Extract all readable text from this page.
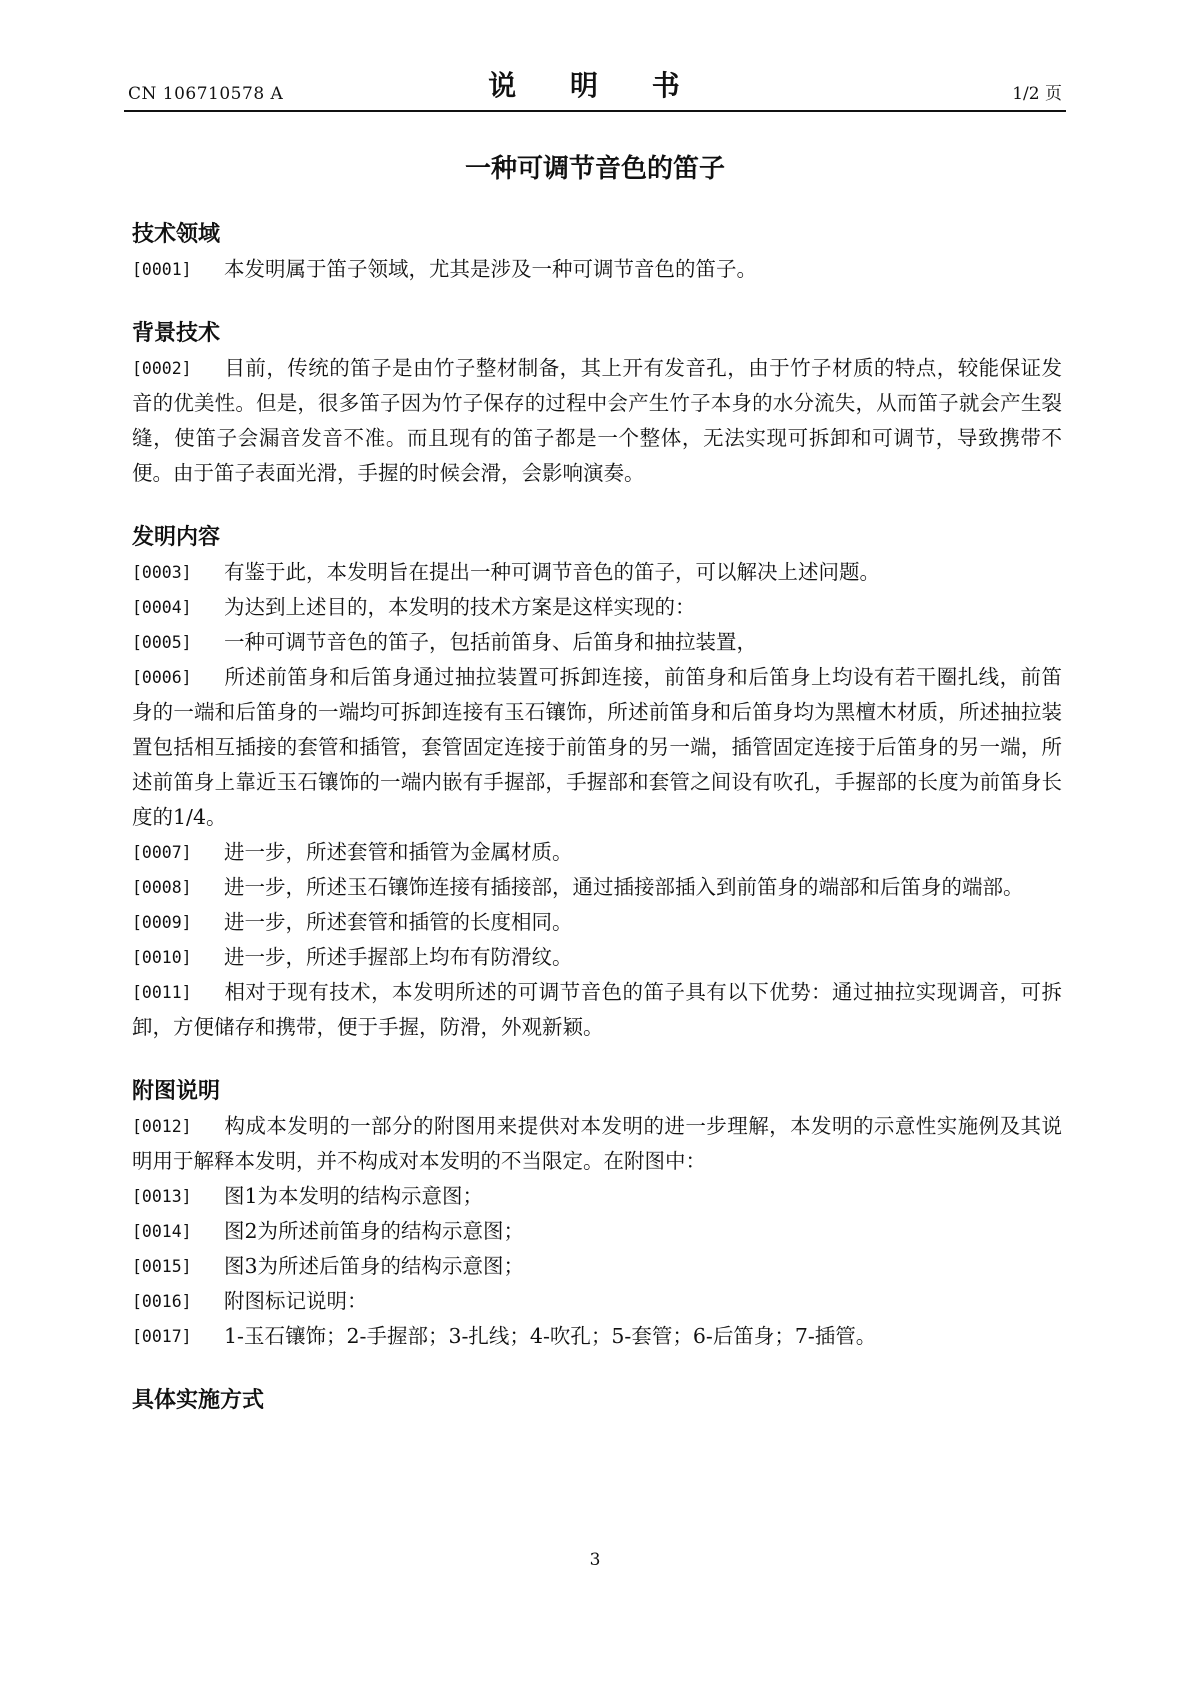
CN 106710578 A	说 明 书	1/2 页
一种可调节音色的笛子
技术领域
[0001] 本发明属于笛子领域，尤其是涉及一种可调节音色的笛子。
背景技术
[0002] 目前，传统的笛子是由竹子整材制备，其上开有发音孔，由于竹子材质的特点，较能保证发音的优美性。但是，很多笛子因为竹子保存的过程中会产生竹子本身的水分流失，从而笛子就会产生裂缝，使笛子会漏音发音不准。而且现有的笛子都是一个整体，无法实现可拆卸和可调节，导致携带不便。由于笛子表面光滑，手握的时候会滑，会影响演奏。
发明内容
[0003] 有鉴于此，本发明旨在提出一种可调节音色的笛子，可以解决上述问题。
[0004] 为达到上述目的，本发明的技术方案是这样实现的：
[0005] 一种可调节音色的笛子，包括前笛身、后笛身和抽拉装置，
[0006] 所述前笛身和后笛身通过抽拉装置可拆卸连接，前笛身和后笛身上均设有若干圈扎线，前笛身的一端和后笛身的一端均可拆卸连接有玉石镶饰，所述前笛身和后笛身均为黑檀木材质，所述抽拉装置包括相互插接的套管和插管，套管固定连接于前笛身的另一端，插管固定连接于后笛身的另一端，所述前笛身上靠近玉石镶饰的一端内嵌有手握部，手握部和套管之间设有吹孔，手握部的长度为前笛身长度的1/4。
[0007] 进一步，所述套管和插管为金属材质。
[0008] 进一步，所述玉石镶饰连接有插接部，通过插接部插入到前笛身的端部和后笛身的端部。
[0009] 进一步，所述套管和插管的长度相同。
[0010] 进一步，所述手握部上均布有防滑纹。
[0011] 相对于现有技术，本发明所述的可调节音色的笛子具有以下优势：通过抽拉实现调音，可拆卸，方便储存和携带，便于手握，防滑，外观新颖。
附图说明
[0012] 构成本发明的一部分的附图用来提供对本发明的进一步理解，本发明的示意性实施例及其说明用于解释本发明，并不构成对本发明的不当限定。在附图中：
[0013] 图1为本发明的结构示意图；
[0014] 图2为所述前笛身的结构示意图；
[0015] 图3为所述后笛身的结构示意图；
[0016] 附图标记说明：
[0017] 1-玉石镶饰；2-手握部；3-扎线；4-吹孔；5-套管；6-后笛身；7-插管。
具体实施方式
3
